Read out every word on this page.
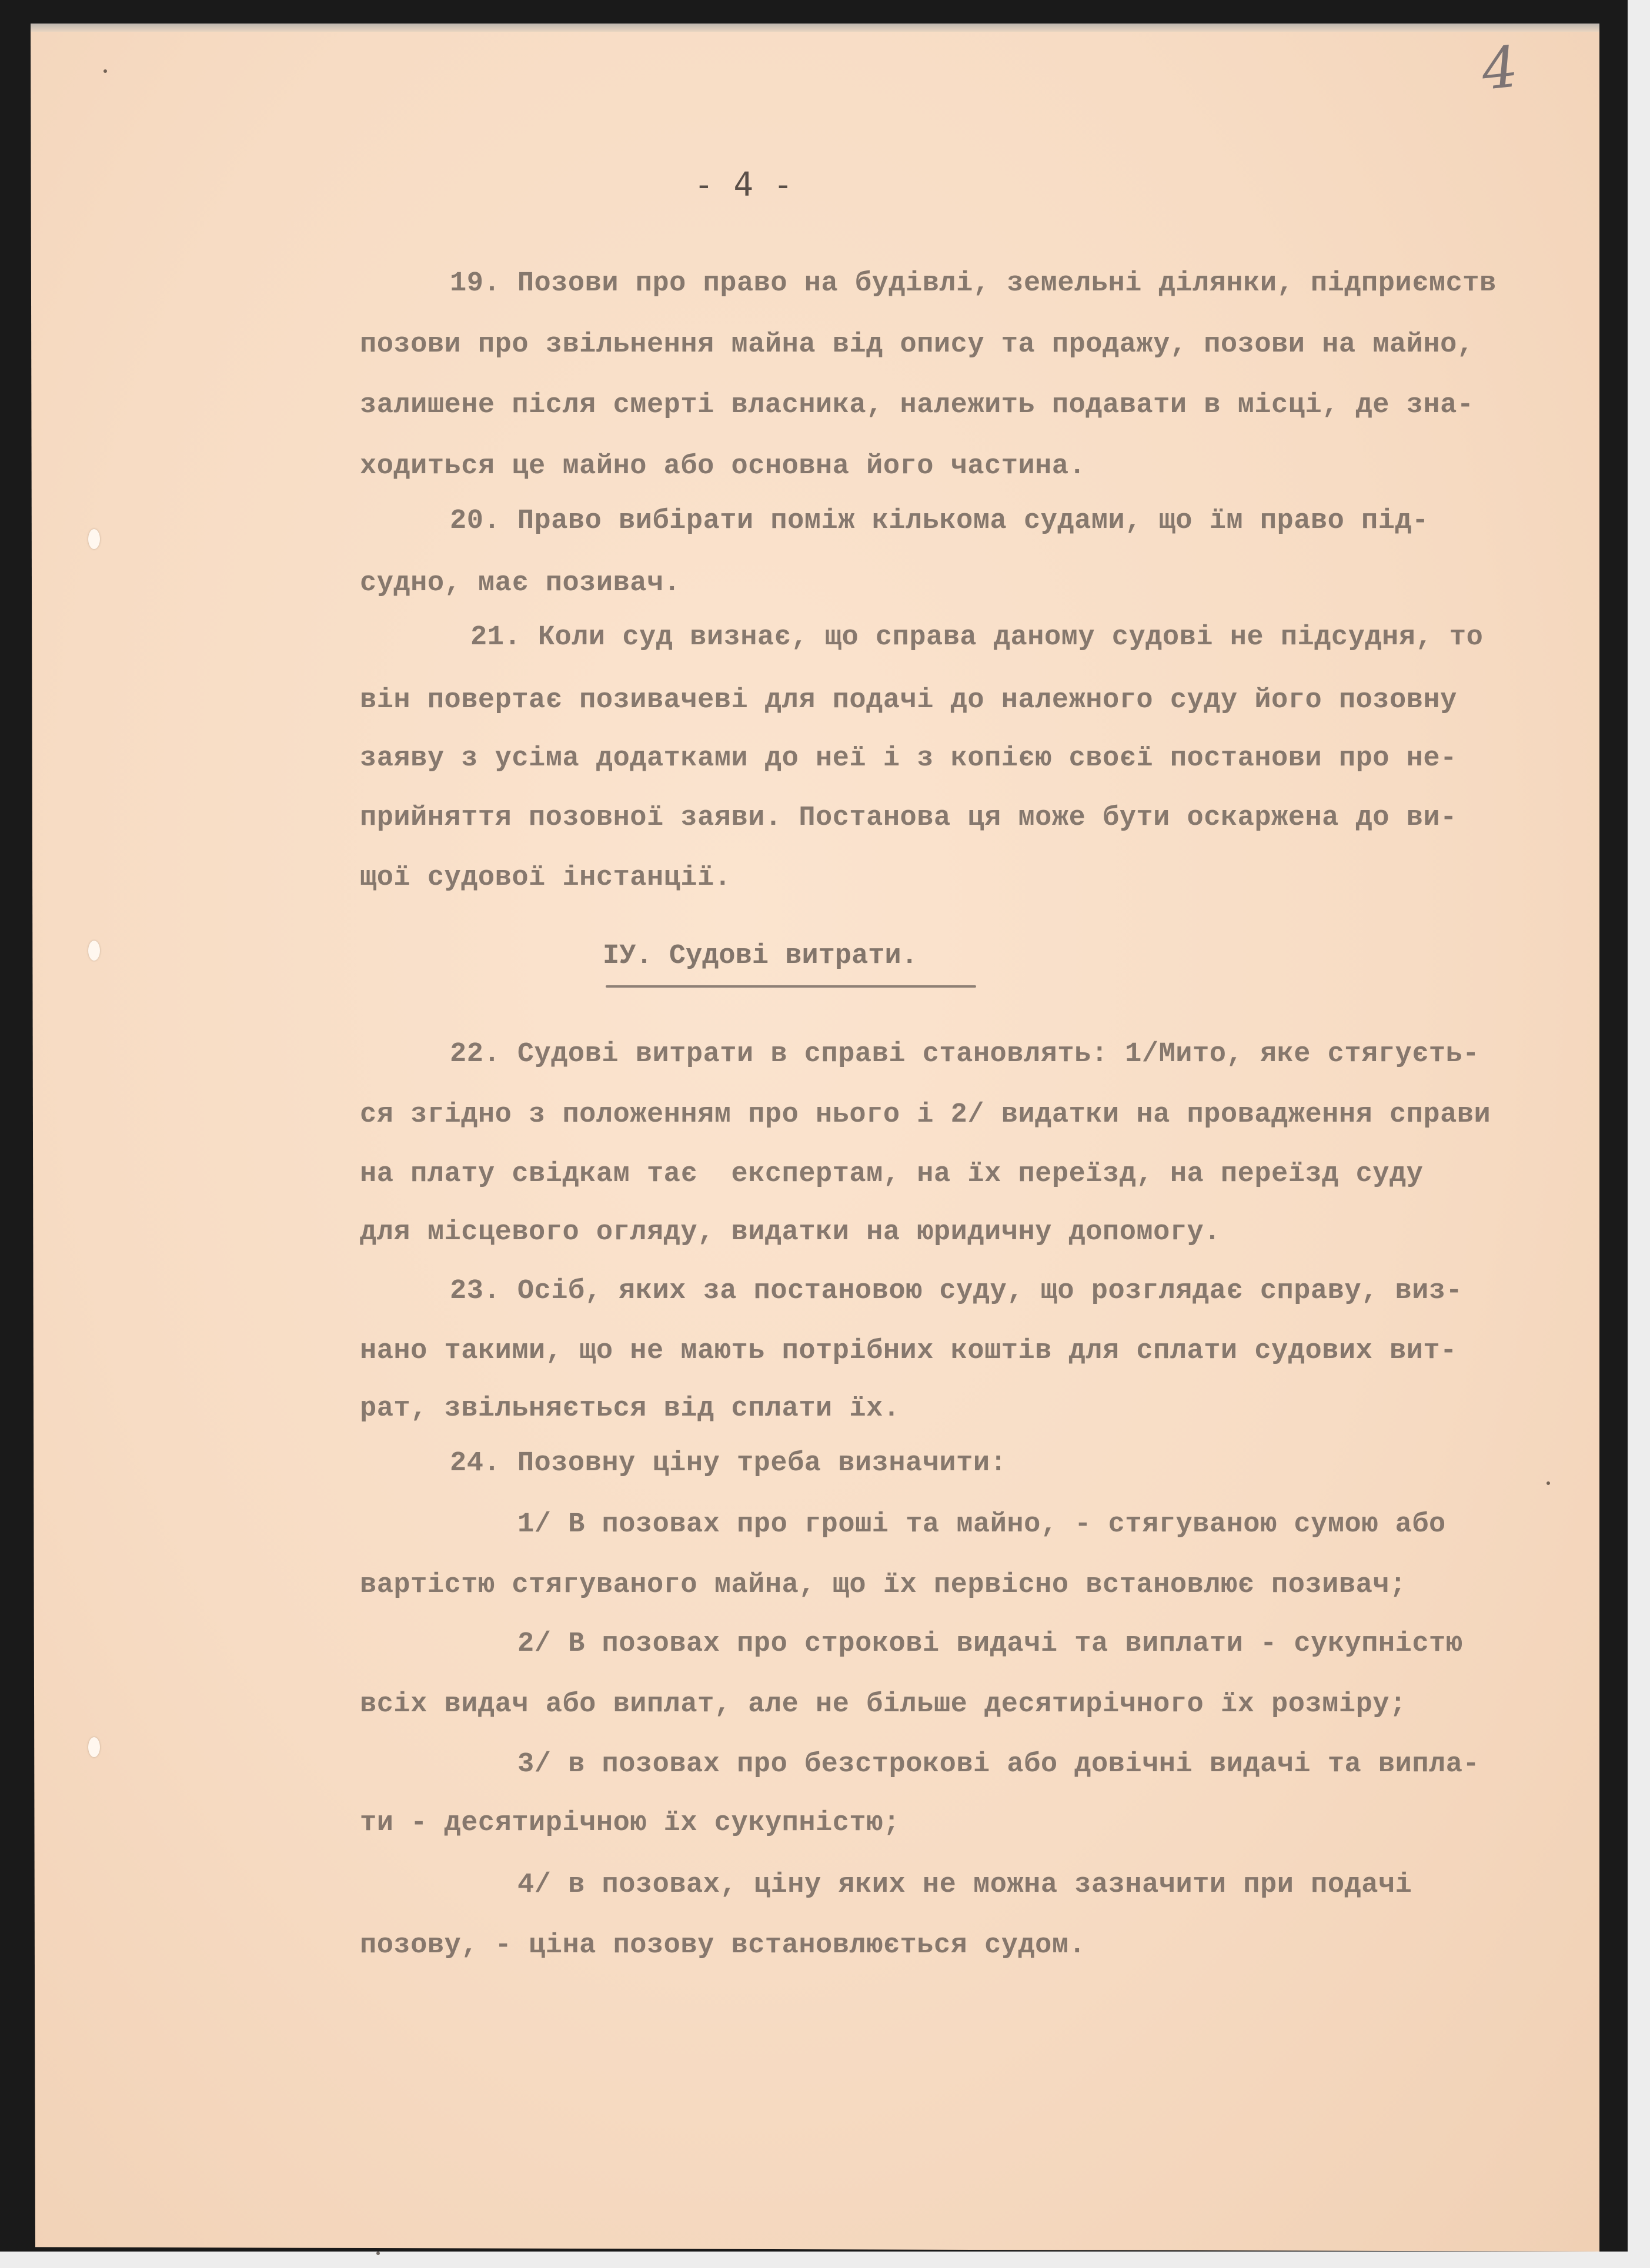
4
- 4 -
19. Позови про право на будівлі, земельні ділянки, підприємств
позови про звільнення майна від опису та продажу, позови на майно,
залишене після смерті власника, належить подавати в місці, де зна-
ходиться це майно або основна його частина.
20. Право вибірати поміж кількома судами, що їм право під-
судно, має позивач.
21. Коли суд визнає, що справа даному судові не підсудня, то
він повертає позивачеві для подачі до належного суду його позовну
заяву з усіма додатками до неї і з копією своєї постанови про не-
прийняття позовної заяви. Постанова ця може бути оскаржена до ви-
щої судової інстанції.
ІУ. Судові витрати.
22. Судові витрати в справі становлять: 1/Мито, яке стягуєть-
ся згідно з положенням про нього і 2/ видатки на провадження справи
на плату свідкам тає  експертам, на їх переїзд, на переїзд суду
для місцевого огляду, видатки на юридичну допомогу.
23. Осіб, яких за постановою суду, що розглядає справу, виз-
нано такими, що не мають потрібних коштів для сплати судових вит-
рат, звільняється від сплати їх.
24. Позовну ціну треба визначити:
1/ В позовах про гроші та майно, - стягуваною сумою або
вартістю стягуваного майна, що їх первісно встановлює позивач;
2/ В позовах про строкові видачі та виплати - сукупністю
всіх видач або виплат, але не більше десятирічного їх розміру;
3/ в позовах про безстрокові або довічні видачі та випла-
ти - десятирічною їх сукупністю;
4/ в позовах, ціну яких не можна зазначити при подачі
позову, - ціна позову встановлюється судом.
